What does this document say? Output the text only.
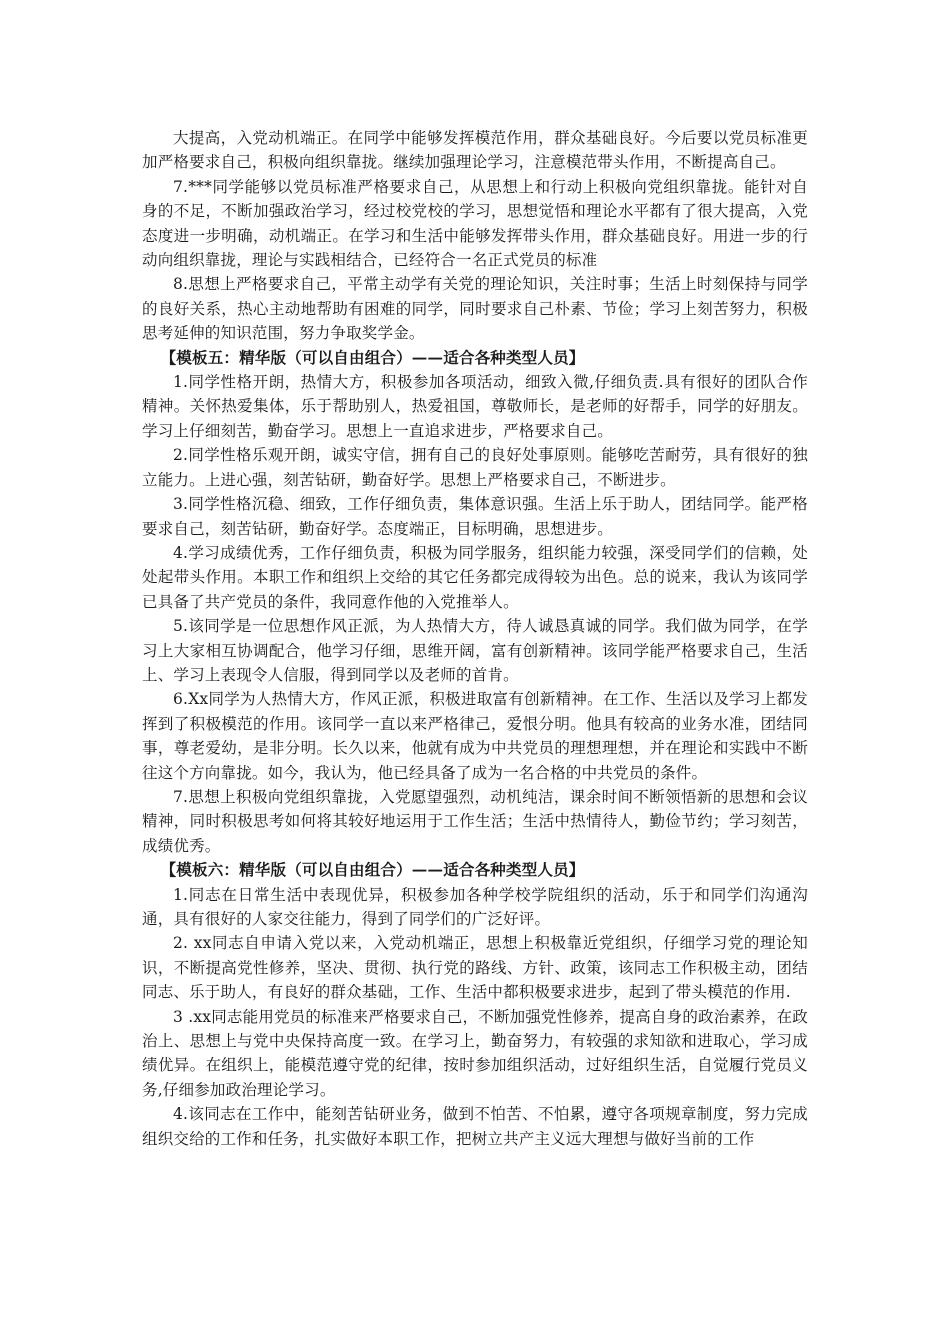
大提高，入党动机端正。在同学中能够发挥模范作用，群众基础良好。今后要以党员标准更加严格要求自己，积极向组织靠拢。继续加强理论学习，注意模范带头作用，不断提高自己。

7.***同学能够以党员标准严格要求自己，从思想上和行动上积极向党组织靠拢。能针对自身的不足，不断加强政治学习，经过校党校的学习，思想觉悟和理论水平都有了很大提高，入党态度进一步明确，动机端正。在学习和生活中能够发挥带头作用，群众基础良好。用进一步的行动向组织靠拢，理论与实践相结合，已经符合一名正式党员的标准

8.思想上严格要求自己，平常主动学有关党的理论知识，关注时事；生活上时刻保持与同学的良好关系，热心主动地帮助有困难的同学，同时要求自己朴素、节俭；学习上刻苦努力，积极思考延伸的知识范围，努力争取奖学金。

【模板五：精华版（可以自由组合）——适合各种类型人员】

1.同学性格开朗，热情大方，积极参加各项活动，细致入微,仔细负责.具有很好的团队合作精神。关怀热爱集体，乐于帮助别人，热爱祖国，尊敬师长，是老师的好帮手，同学的好朋友。学习上仔细刻苦，勤奋学习。思想上一直追求进步，严格要求自己。

2.同学性格乐观开朗，诚实守信，拥有自己的良好处事原则。能够吃苦耐劳，具有很好的独立能力。上进心强，刻苦钻研，勤奋好学。思想上严格要求自己，不断进步。

3.同学性格沉稳、细致，工作仔细负责，集体意识强。生活上乐于助人，团结同学。能严格要求自己，刻苦钻研，勤奋好学。态度端正，目标明确，思想进步。

4.学习成绩优秀，工作仔细负责，积极为同学服务，组织能力较强，深受同学们的信赖，处处起带头作用。本职工作和组织上交给的其它任务都完成得较为出色。总的说来，我认为该同学已具备了共产党员的条件，我同意作他的入党推举人。

5.该同学是一位思想作风正派，为人热情大方，待人诚恳真诚的同学。我们做为同学，在学习上大家相互协调配合，他学习仔细，思维开阔，富有创新精神。该同学能严格要求自己，生活上、学习上表现令人信服，得到同学以及老师的首肯。

6.Xx同学为人热情大方，作风正派，积极进取富有创新精神。在工作、生活以及学习上都发挥到了积极模范的作用。该同学一直以来严格律己，爱恨分明。他具有较高的业务水准，团结同事，尊老爱幼，是非分明。长久以来，他就有成为中共党员的理想理想，并在理论和实践中不断往这个方向靠拢。如今，我认为，他已经具备了成为一名合格的中共党员的条件。

7.思想上积极向党组织靠拢，入党愿望强烈，动机纯洁，课余时间不断领悟新的思想和会议精神，同时积极思考如何将其较好地运用于工作生活；生活中热情待人，勤俭节约；学习刻苦，成绩优秀。

【模板六：精华版（可以自由组合）——适合各种类型人员】

1.同志在日常生活中表现优异，积极参加各种学校学院组织的活动，乐于和同学们沟通沟通，具有很好的人家交往能力，得到了同学们的广泛好评。

2. xx同志自申请入党以来，入党动机端正，思想上积极靠近党组织，仔细学习党的理论知识，不断提高党性修养，坚决、贯彻、执行党的路线、方针、政策，该同志工作积极主动，团结同志、乐于助人，有良好的群众基础，工作、生活中都积极要求进步，起到了带头模范的作用.

3 .xx同志能用党员的标准来严格要求自己，不断加强党性修养，提高自身的政治素养，在政治上、思想上与党中央保持高度一致。在学习上，勤奋努力，有较强的求知欲和进取心，学习成绩优异。在组织上，能模范遵守党的纪律，按时参加组织活动，过好组织生活，自觉履行党员义务,仔细参加政治理论学习。

4.该同志在工作中，能刻苦钻研业务，做到不怕苦、不怕累，遵守各项规章制度，努力完成组织交给的工作和任务，扎实做好本职工作，把树立共产主义远大理想与做好当前的工作
